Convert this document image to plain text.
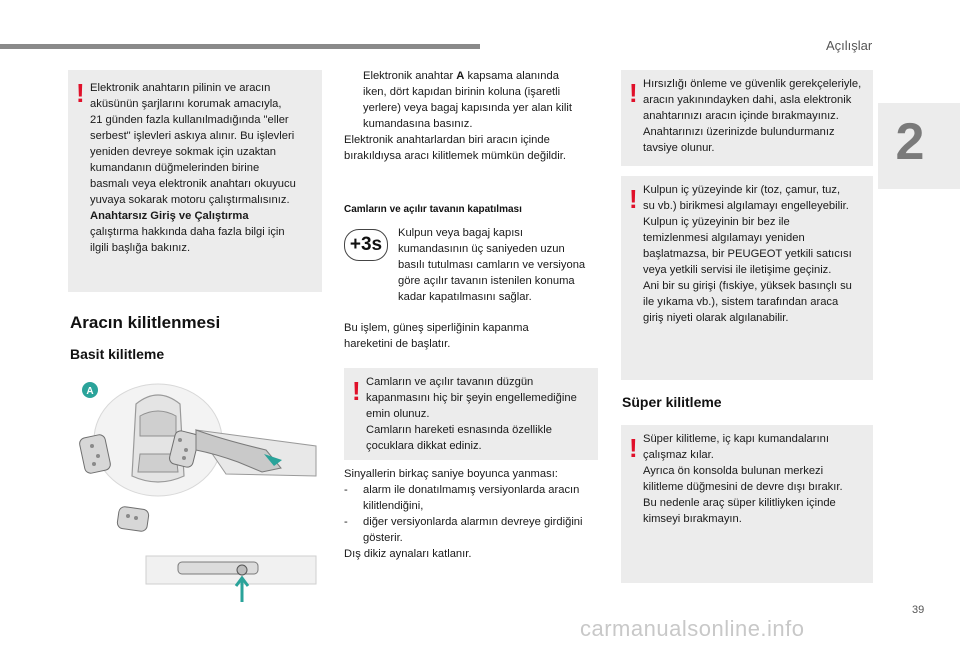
Açılışlar
2
! Elektronik anahtarın pilinin ve aracın

aküsünün şarjlarını korumak amacıyla,

21 günden fazla kullanılmadığında "eller

serbest" işlevleri askıya alınır. Bu işlevleri

yeniden devreye sokmak için uzaktan

kumandanın düğmelerinden birine

basmalı veya elektronik anahtarı okuyucu

yuvaya sokarak motoru çalıştırmalısınız.

Anahtarsız Giriş ve Çalıştırma

çalıştırma hakkında daha fazla bilgi için

ilgili başlığa bakınız.

Aracın kilitlenmesi
Basit kilitleme
A

Elektronik anahtar A kapsama alanında

iken, dört kapıdan birinin koluna (işaretli

yerlere) veya bagaj kapısında yer alan kilit

kumandasına basınız.

Elektronik anahtarlardan biri aracın içinde

bırakıldıysa aracı kilitlemek mümkün değildir.

Camların ve açılır tavanın kapatılması
+3s

Kulpun veya bagaj kapısı

kumandasının üç saniyeden uzun

basılı tutulması camların ve versiyona

göre açılır tavanın istenilen konuma

kadar kapatılmasını sağlar.

Bu işlem, güneş siperliğinin kapanma

hareketini de başlatır.

! Camların ve açılır tavanın düzgün

kapanmasını hiç bir şeyin engellemediğine

emin olunuz.

Camların hareketi esnasında özellikle

çocuklara dikkat ediniz.

Sinyallerin birkaç saniye boyunca yanması:

-	alarm ile donatılmamış versiyonlarda aracın

kilitlendiğini,

-	diğer versiyonlarda alarmın devreye girdiğini

gösterir.

Dış dikiz aynaları katlanır.

! Hırsızlığı önleme ve güvenlik gerekçeleriyle,

aracın yakınındayken dahi, asla elektronik

anahtarınızı aracın içinde bırakmayınız.

Anahtarınızı üzerinizde bulundurmanız

tavsiye olunur.

! Kulpun iç yüzeyinde kir (toz, çamur, tuz,

su vb.) birikmesi algılamayı engelleyebilir.

Kulpun iç yüzeyinin bir bez ile

temizlenmesi algılamayı yeniden

başlatmazsa, bir PEUGEOT yetkili satıcısı

veya yetkili servisi ile iletişime geçiniz.

Ani bir su girişi (fıskiye, yüksek basınçlı su

ile yıkama vb.), sistem tarafından araca

giriş niyeti olarak algılanabilir.

Süper kilitleme
! Süper kilitleme, iç kapı kumandalarını

çalışmaz kılar.

Ayrıca ön konsolda bulunan merkezi

kilitleme düğmesini de devre dışı bırakır.

Bu nedenle araç süper kilitliyken içinde

kimseyi bırakmayın.

39
carmanualsonline.info
